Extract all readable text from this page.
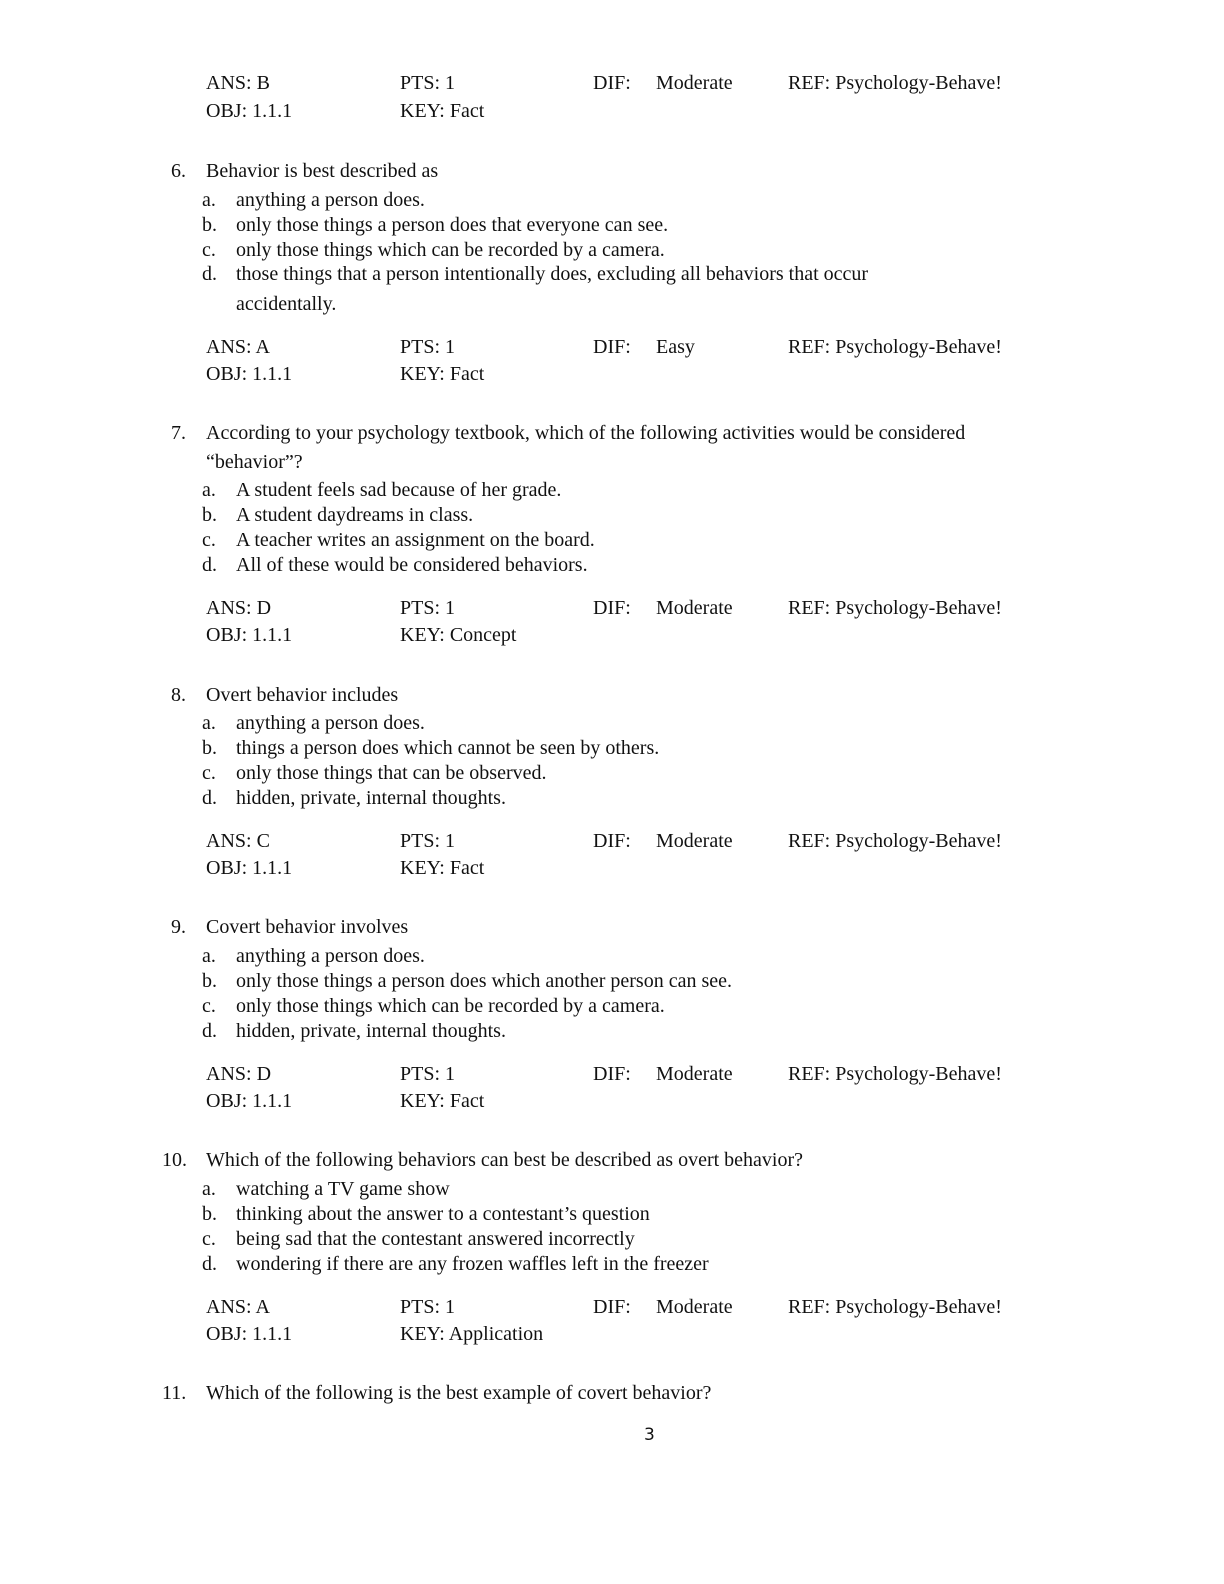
ANS: B	PTS: 1	DIF: Moderate	REF: Psychology-Behave!
OBJ: 1.1.1	KEY: Fact
6. Behavior is best described as
a. anything a person does.
b. only those things a person does that everyone can see.
c. only those things which can be recorded by a camera.
d. those things that a person intentionally does, excluding all behaviors that occur
accidentally.
ANS: A	PTS: 1	DIF: Easy	REF: Psychology-Behave!
OBJ: 1.1.1	KEY: Fact
7. According to your psychology textbook, which of the following activities would be considered
“behavior”?
a. A student feels sad because of her grade.
b. A student daydreams in class.
c. A teacher writes an assignment on the board.
d. All of these would be considered behaviors.
ANS: D	PTS: 1	DIF: Moderate	REF: Psychology-Behave!
OBJ: 1.1.1	KEY: Concept
8. Overt behavior includes
a. anything a person does.
b. things a person does which cannot be seen by others.
c. only those things that can be observed.
d. hidden, private, internal thoughts.
ANS: C	PTS: 1	DIF: Moderate	REF: Psychology-Behave!
OBJ: 1.1.1	KEY: Fact
9. Covert behavior involves
a. anything a person does.
b. only those things a person does which another person can see.
c. only those things which can be recorded by a camera.
d. hidden, private, internal thoughts.
ANS: D	PTS: 1	DIF: Moderate	REF: Psychology-Behave!
OBJ: 1.1.1	KEY: Fact
10. Which of the following behaviors can best be described as overt behavior?
a. watching a TV game show
b. thinking about the answer to a contestant’s question
c. being sad that the contestant answered incorrectly
d. wondering if there are any frozen waffles left in the freezer
ANS: A	PTS: 1	DIF: Moderate	REF: Psychology-Behave!
OBJ: 1.1.1	KEY: Application
11. Which of the following is the best example of covert behavior?
3
